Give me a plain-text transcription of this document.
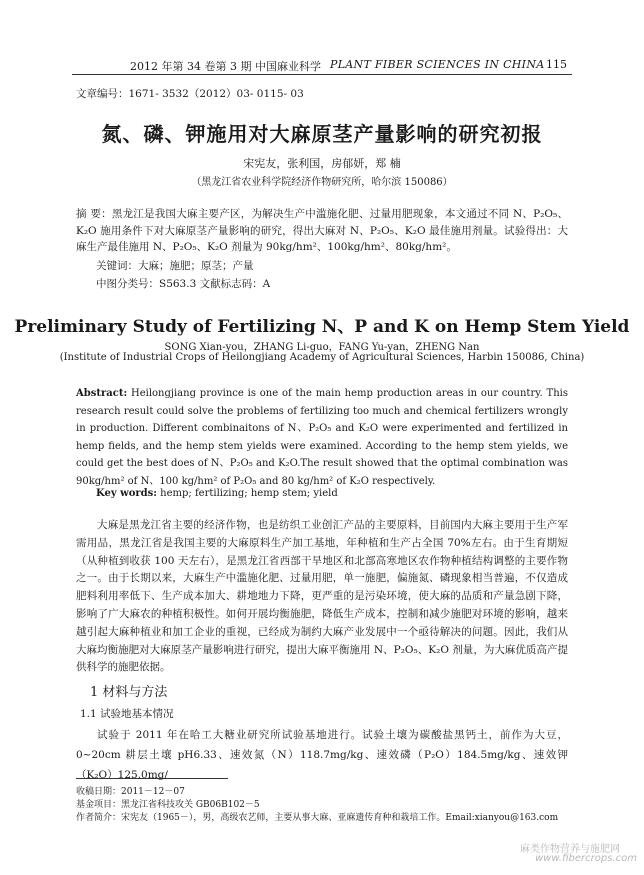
2012 年第 34 卷第 3 期 中国麻业科学 PLANT FIBER SCIENCES IN CHINA 115
文章编号：1671- 3532（2012）03- 0115- 03
氮、磷、钾施用对大麻原茎产量影响的研究初报
宋宪友，张利国，房郁妍，郑 楠
（黑龙江省农业科学院经济作物研究所，哈尔滨 150086）
摘 要：黑龙江是我国大麻主要产区，为解决生产中滥施化肥、过量用肥现象，本文通过不同 N、P₂O₅、K₂O 施用条件下对大麻原茎产量影响的研究，得出大麻对 N、P₂O₅、K₂O 最佳施用剂量。试验得出：大麻生产最佳施用 N、P₂O₅、K₂O 剂量为 90kg/hm²、100kg/hm²、80kg/hm²。
关键词：大麻；施肥；原茎；产量
中图分类号：S563.3 文献标志码：A
Preliminary Study of Fertilizing N、P and K on Hemp Stem Yield
SONG Xian-you，ZHANG Li-guo，FANG Yu-yan，ZHENG Nan
(Institute of Industrial Crops of Heilongjiang Academy of Agricultural Sciences, Harbin 150086, China)
Abstract: Heilongjiang province is one of the main hemp production areas in our country. This research result could solve the problems of fertilizing too much and chemical fertilizers wrongly in production. Different combinaitons of N、P₂O₅ and K₂O were experimented and fertilized in hemp fields, and the hemp stem yields were examined. According to the hemp stem yields, we could get the best does of N、P₂O₅ and K₂O.The result showed that the optimal combination was 90kg/hm² of N、100 kg/hm² of P₂O₅ and 80 kg/hm² of K₂O respectively.
Key words: hemp; fertilizing; hemp stem; yield
大麻是黑龙江省主要的经济作物，也是纺织工业创汇产品的主要原料，目前国内大麻主要用于生产军需用品，黑龙江省是我国主要的大麻原料生产加工基地，年种植和生产占全国 70%左右。由于生育期短（从种植到收获 100 天左右），是黑龙江省西部干旱地区和北部高寒地区农作物种植结构调整的主要作物之一。由于长期以来，大麻生产中滥施化肥、过量用肥，单一施肥，偏施氮、磷现象相当普遍，不仅造成肥料利用率低下、生产成本加大、耕地地力下降，更严重的是污染环境，使大麻的品质和产量急剧下降，影响了广大麻农的种植积极性。如何开展均衡施肥，降低生产成本，控制和减少施肥对环境的影响，越来越引起大麻种植业和加工企业的重视，已经成为制约大麻产业发展中一个亟待解决的问题。因此，我们从大麻均衡施肥对大麻原茎产量影响进行研究，提出大麻平衡施用 N、P₂O₅、K₂O 剂量，为大麻优质高产提供科学的施肥依据。
1 材料与方法
1.1 试验地基本情况
试验于 2011 年在哈工大糖业研究所试验基地进行。试验土壤为碳酸盐黑钙土，前作为大豆，0~20cm 耕层土壤 pH6.33、速效氮（N）118.7mg/kg、速效磷（P₂O）184.5mg/kg、速效钾（K₂O）125.0mg/
收稿日期：2011－12－07
基金项目：黑龙江省科技攻关 GB06B102－5
作者简介：宋宪友（1965－），男，高级农艺师，主要从事大麻、亚麻遗传育种和栽培工作。Email:xianyou@163.com
麻类作物营养与施肥网
www.fibercrops.com
